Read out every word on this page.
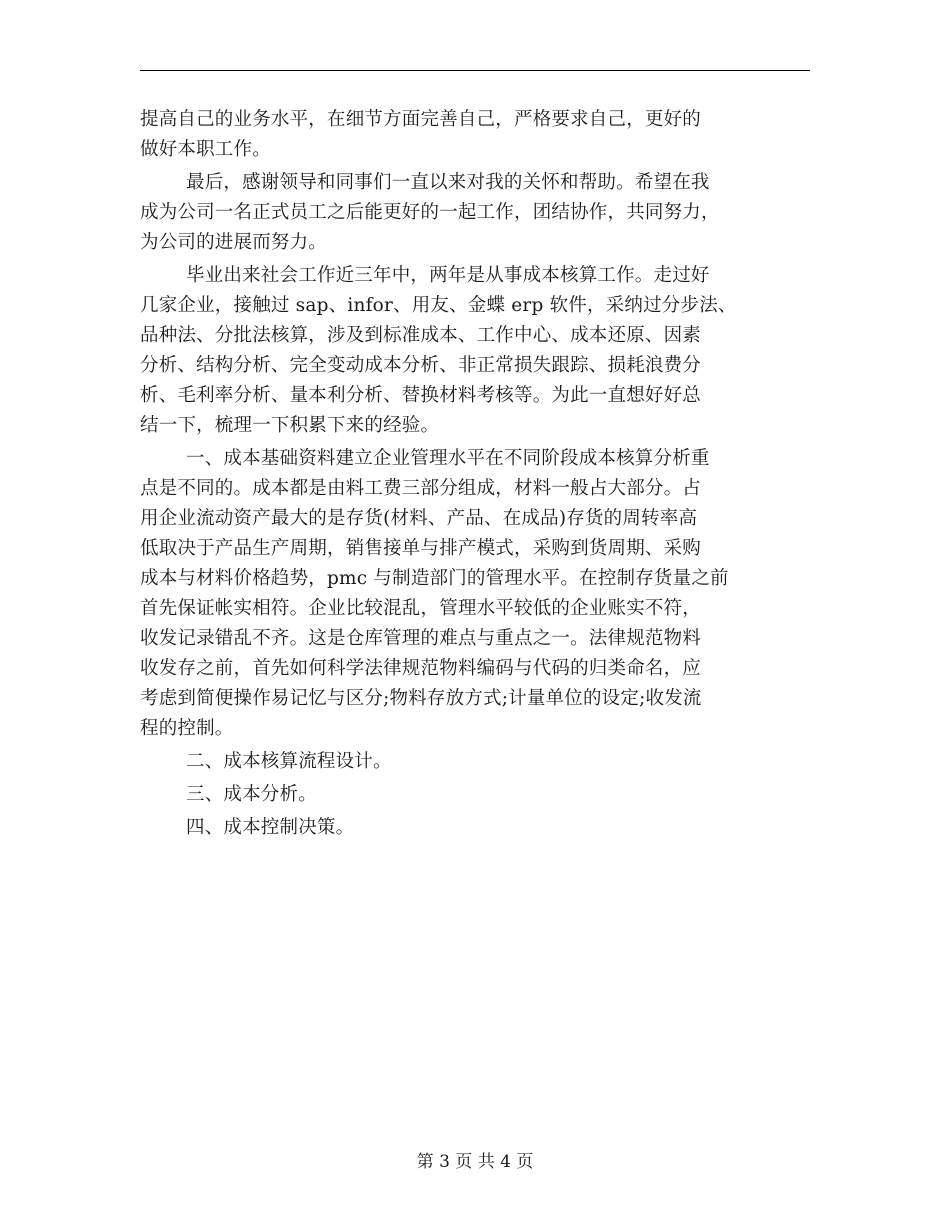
提高自己的业务水平，在细节方面完善自己，严格要求自己，更好的
做好本职工作。
最后，感谢领导和同事们一直以来对我的关怀和帮助。希望在我
成为公司一名正式员工之后能更好的一起工作，团结协作，共同努力，
为公司的进展而努力。
毕业出来社会工作近三年中，两年是从事成本核算工作。走过好
几家企业，接触过 sap、infor、用友、金蝶 erp 软件，采纳过分步法、
品种法、分批法核算，涉及到标准成本、工作中心、成本还原、因素
分析、结构分析、完全变动成本分析、非正常损失跟踪、损耗浪费分
析、毛利率分析、量本利分析、替换材料考核等。为此一直想好好总
结一下，梳理一下积累下来的经验。
一、成本基础资料建立企业管理水平在不同阶段成本核算分析重
点是不同的。成本都是由料工费三部分组成，材料一般占大部分。占
用企业流动资产最大的是存货(材料、产品、在成品)存货的周转率高
低取决于产品生产周期，销售接单与排产模式，采购到货周期、采购
成本与材料价格趋势，pmc 与制造部门的管理水平。在控制存货量之前
首先保证帐实相符。企业比较混乱，管理水平较低的企业账实不符，
收发记录错乱不齐。这是仓库管理的难点与重点之一。法律规范物料
收发存之前，首先如何科学法律规范物料编码与代码的归类命名，应
考虑到简便操作易记忆与区分;物料存放方式;计量单位的设定;收发流
程的控制。
二、成本核算流程设计。
三、成本分析。
四、成本控制决策。
第 3 页 共 4 页
